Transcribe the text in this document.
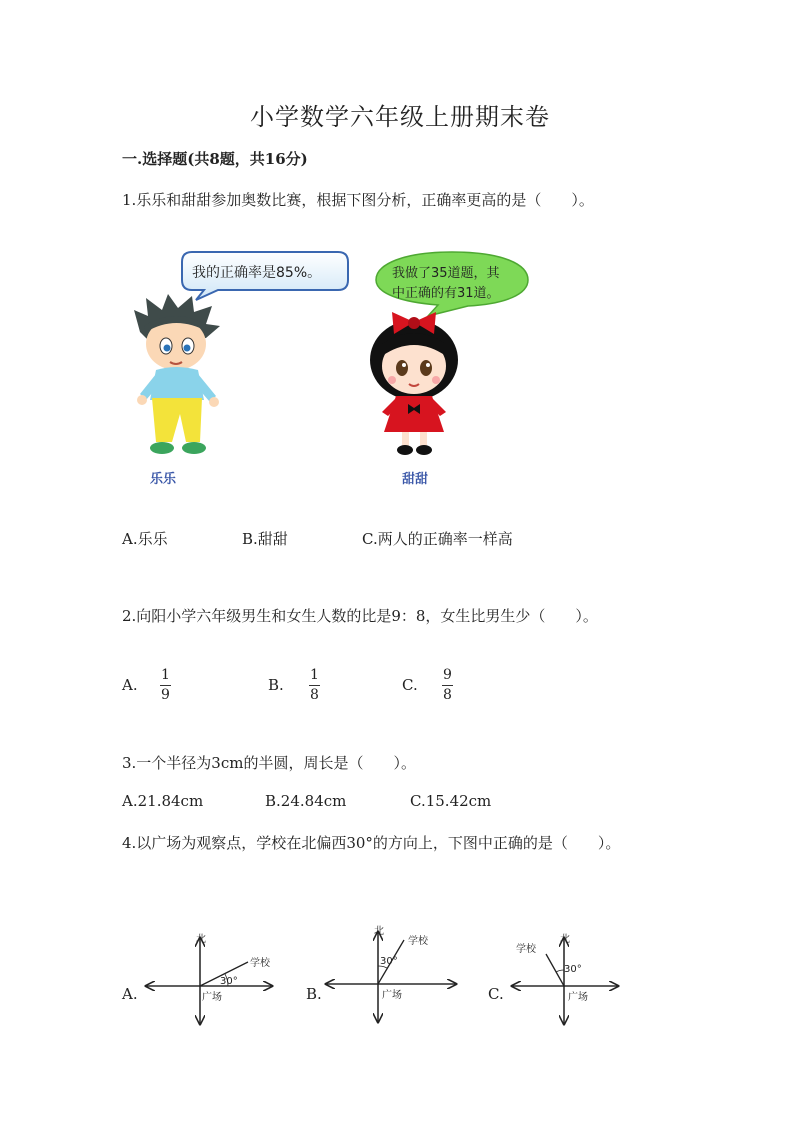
小学数学六年级上册期末卷
一.选择题(共8题，共16分)
1.乐乐和甜甜参加奥数比赛，根据下图分析，正确率更高的是（　　）。
我的正确率是85%。	我做了35道题，其
中正确的有31道。
乐乐	甜甜
A.乐乐	B.甜甜	C.两人的正确率一样高
2.向阳小学六年级男生和女生人数的比是9：8，女生比男生少（　　）。
A.
1
9
B.
1
8
C.
9
8
3.一个半径为3cm的半圆，周长是（　　）。
A.21.84cm	B.24.84cm	C.15.42cm
4.以广场为观察点，学校在北偏西30°的方向上，下图中正确的是（　　）。
A.	B.	C.
北
学校
30°
广场
北
学校
30°
广场
北
学校
30°
广场
